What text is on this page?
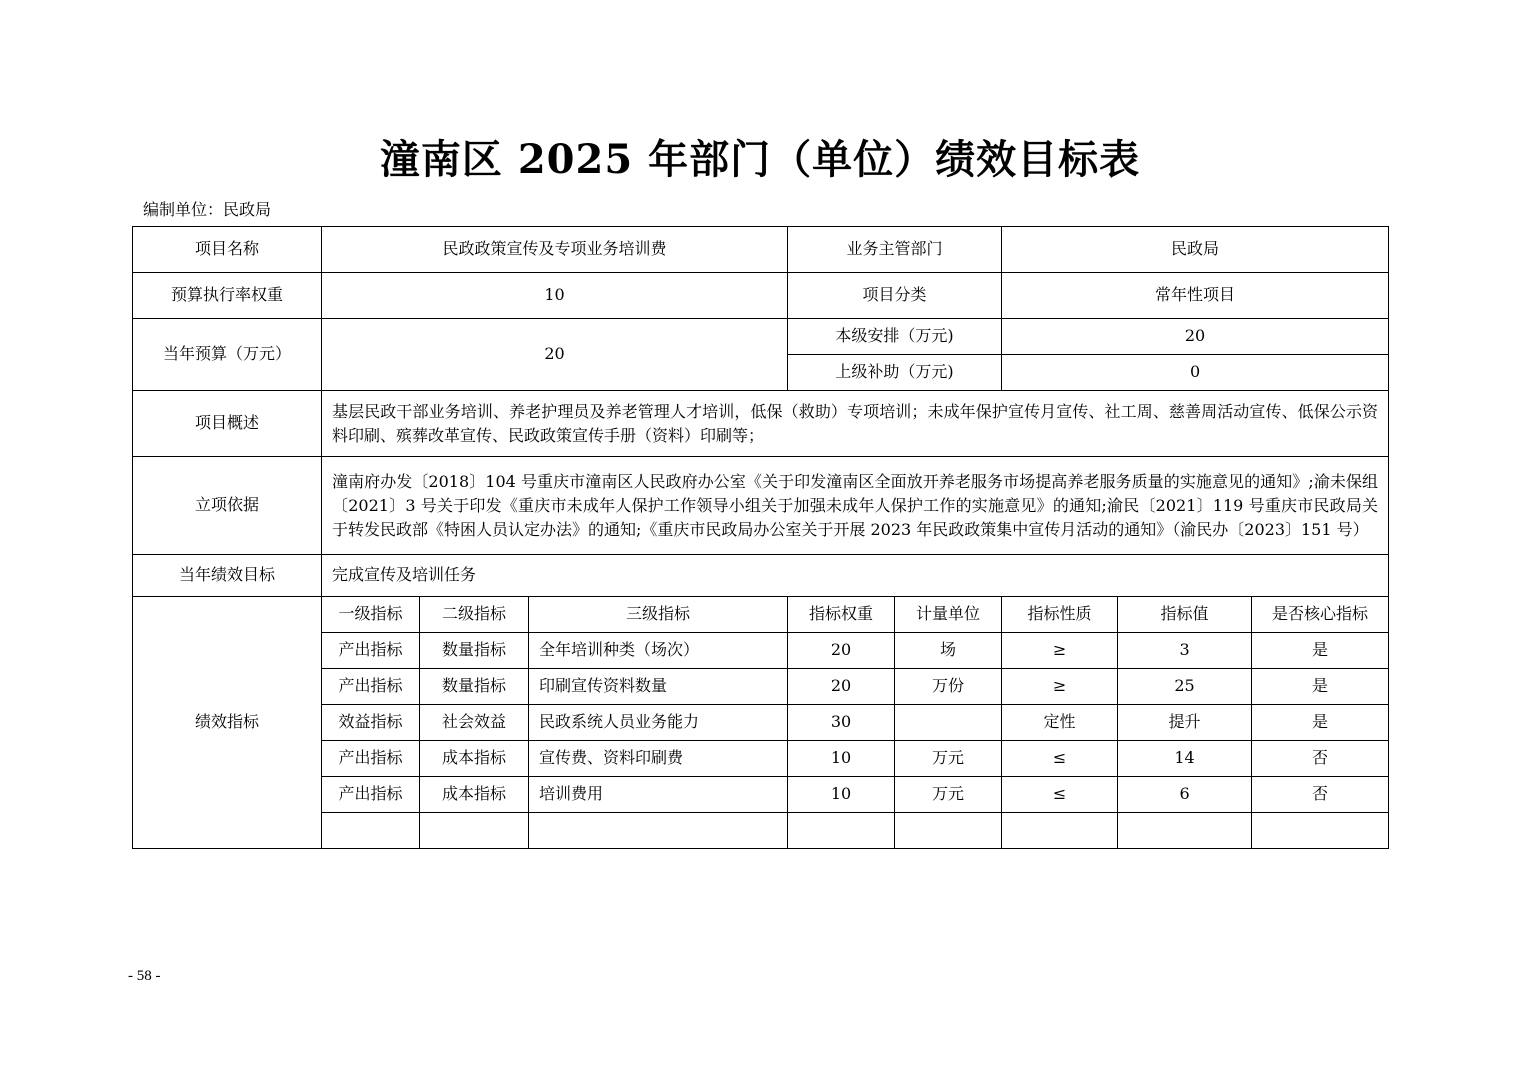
潼南区 2025 年部门（单位）绩效目标表
编制单位：民政局
项目名称	民政政策宣传及专项业务培训费			业务主管部门		民政局		
预算执行率权重	10			项目分类		常年性项目		
当年预算（万元）	20			本级安排（万元)		20		
				上级补助（万元)		0		
项目概述	基层民政干部业务培训、养老护理员及养老管理人才培训，低保（救助）专项培训；未成年保护宣传月宣传、社工周、慈善周活动宣传、低保公示资料印刷、殡葬改革宣传、民政政策宣传手册（资料）印刷等；							
立项依据	潼南府办发〔2018〕104 号重庆市潼南区人民政府办公室《关于印发潼南区全面放开养老服务市场提高养老服务质量的实施意见的通知》;渝未保组〔2021〕3 号关于印发《重庆市未成年人保护工作领导小组关于加强未成年人保护工作的实施意见》的通知;渝民〔2021〕119 号重庆市民政局关于转发民政部《特困人员认定办法》的通知;《重庆市民政局办公室关于开展 2023 年民政政策集中宣传月活动的通知》（渝民办〔2023〕151 号）							
当年绩效目标	完成宣传及培训任务							
绩效指标	一级指标	二级指标	三级指标	指标权重	计量单位	指标性质	指标值	是否核心指标
	产出指标	数量指标	全年培训种类（场次）	20	场	≥	3	是
	产出指标	数量指标	印刷宣传资料数量	20	万份	≥	25	是
	效益指标	社会效益	民政系统人员业务能力	30		定性	提升	是
	产出指标	成本指标	宣传费、资料印刷费	10	万元	≤	14	否
	产出指标	成本指标	培训费用	10	万元	≤	6	否

- 58 -
